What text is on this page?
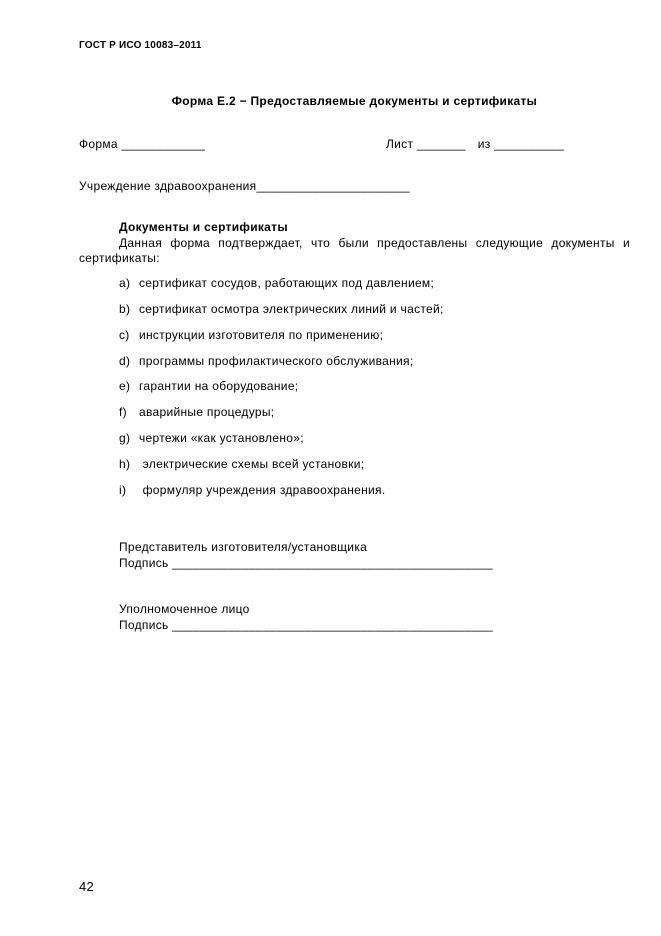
ГОСТ Р ИСО 10083–2011
Форма Е.2 − Предоставляемые документы и сертификаты
Форма ____________	Лист _______ из __________
Учреждение здравоохранения______________________
Документы и сертификаты
Данная форма подтверждает, что были предоставлены следующие документы и сертификаты:
a) сертификат сосудов, работающих под давлением;
b) сертификат осмотра электрических линий и частей;
c) инструкции изготовителя по применению;
d) программы профилактического обслуживания;
e) гарантии на оборудование;
f) аварийные процедуры;
g) чертежи «как установлено»;
h) электрические схемы всей установки;
i) формуляр учреждения здравоохранения.
Представитель изготовителя/установщика
Подпись ______________________________________________
Уполномоченное лицо
Подпись ______________________________________________
42
